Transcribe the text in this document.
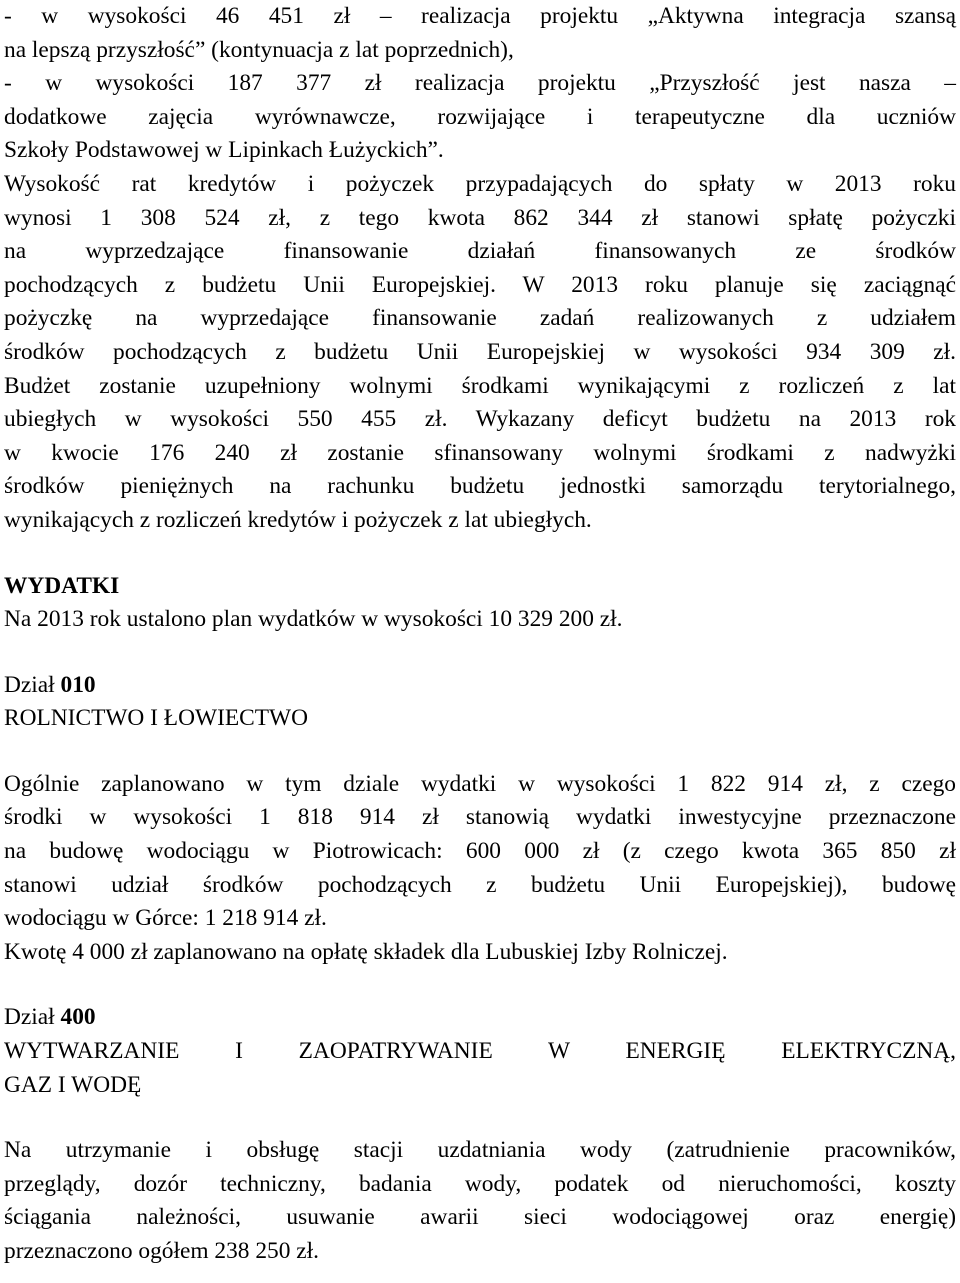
- w wysokości 46 451 zł – realizacja projektu „Aktywna integracja szansą
na lepszą przyszłość” (kontynuacja z lat poprzednich),
- w wysokości 187 377 zł realizacja projektu „Przyszłość jest nasza –
dodatkowe zajęcia wyrównawcze, rozwijające i terapeutyczne dla uczniów
Szkoły Podstawowej w Lipinkach Łużyckich”.
Wysokość rat kredytów i pożyczek przypadających do spłaty w 2013 roku
wynosi 1 308 524 zł, z tego kwota 862 344 zł stanowi spłatę pożyczki
na wyprzedzające finansowanie działań finansowanych ze środków
pochodzących z budżetu Unii Europejskiej. W 2013 roku planuje się zaciągnąć
pożyczkę na wyprzedające finansowanie zadań realizowanych z udziałem
środków pochodzących z budżetu Unii Europejskiej w wysokości 934 309 zł.
Budżet zostanie uzupełniony wolnymi środkami wynikającymi z rozliczeń z lat
ubiegłych w wysokości 550 455 zł. Wykazany deficyt budżetu na 2013 rok
w kwocie 176 240 zł zostanie sfinansowany wolnymi środkami z nadwyżki
środków pieniężnych na rachunku budżetu jednostki samorządu terytorialnego,
wynikających z rozliczeń kredytów i pożyczek z lat ubiegłych.
WYDATKI
Na 2013 rok ustalono plan wydatków w wysokości 10 329 200 zł.
Dział 010
ROLNICTWO I ŁOWIECTWO
Ogólnie zaplanowano w tym dziale wydatki w wysokości 1 822 914 zł, z czego
środki w wysokości 1 818 914 zł stanowią wydatki inwestycyjne przeznaczone
na budowę wodociągu w Piotrowicach: 600 000 zł (z czego kwota 365 850 zł
stanowi udział środków pochodzących z budżetu Unii Europejskiej), budowę
wodociągu w Górce: 1 218 914 zł.
Kwotę 4 000 zł zaplanowano na opłatę składek dla Lubuskiej Izby Rolniczej.
Dział 400
WYTWARZANIE I ZAOPATRYWANIE W ENERGIĘ ELEKTRYCZNĄ,
GAZ I WODĘ
Na utrzymanie i obsługę stacji uzdatniania wody (zatrudnienie pracowników,
przeglądy, dozór techniczny, badania wody, podatek od nieruchomości, koszty
ściągania należności, usuwanie awarii sieci wodociągowej oraz energię)
przeznaczono ogółem 238 250 zł.
